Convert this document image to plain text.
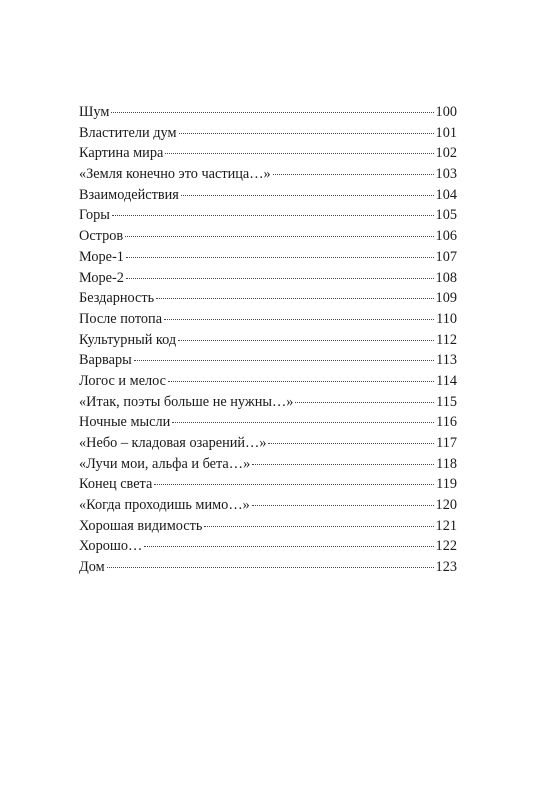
Шум	100
Властители дум	101
Картина мира	102
«Земля конечно это частица…»	103
Взаимодействия	104
Горы	105
Остров	106
Море-1	107
Море-2	108
Бездарность	109
После потопа	110
Культурный код	112
Варвары	113
Логос и мелос	114
«Итак, поэты больше не нужны…»	115
Ночные мысли	116
«Небо – кладовая озарений…»	117
«Лучи мои, альфа и бета…»	118
Конец света	119
«Когда проходишь мимо…»	120
Хорошая видимость	121
Хорошо…	122
Дом	123
